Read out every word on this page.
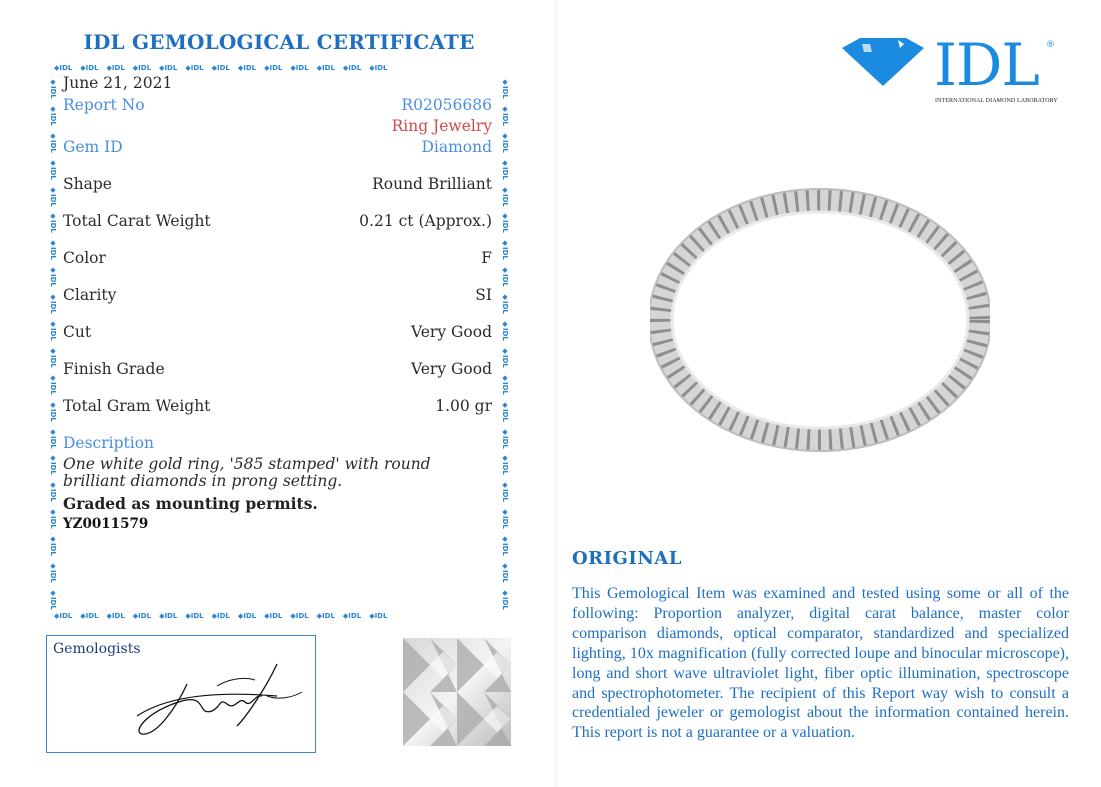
IDL GEMOLOGICAL CERTIFICATE
◆IDL ◆IDL ◆IDL ◆IDL ◆IDL ◆IDL ◆IDL ◆IDL ◆IDL ◆IDL ◆IDL ◆IDL ◆IDL
◆IDL ◆IDL ◆IDL ◆IDL ◆IDL ◆IDL ◆IDL ◆IDL ◆IDL ◆IDL ◆IDL ◆IDL ◆IDL
◆IDL
◆IDL
◆IDL
◆IDL
◆IDL
◆IDL
◆IDL
◆IDL
◆IDL
◆IDL
◆IDL
◆IDL
◆IDL
◆IDL
◆IDL
◆IDL
◆IDL
◆IDL
◆IDL
◆IDL
◆IDL
◆IDL
◆IDL
◆IDL
◆IDL
◆IDL
◆IDL
◆IDL
◆IDL
◆IDL
◆IDL
◆IDL
◆IDL
◆IDL
◆IDL
◆IDL
◆IDL
◆IDL
◆IDL
◆IDL
June 21, 2021
Report No	R02056686
Ring Jewelry
Gem ID	Diamond
Shape	Round Brilliant
Total Carat Weight	0.21 ct (Approx.)
Color	F
Clarity	SI
Cut	Very Good
Finish Grade	Very Good
Total Gram Weight	1.00 gr
Description
One white gold ring, '585 stamped' with round brilliant diamonds in prong setting.
Graded as mounting permits.
YZ0011579
Gemologists
IDL ®
INTERNATIONAL DIAMOND LABORATORY
ORIGINAL
This Gemological Item was examined and tested using some or all of the following: Proportion analyzer, digital carat balance, master color comparison diamonds, optical comparator, standardized and specialized lighting, 10x magnification (fully corrected loupe and binocular microscope), long and short wave ultraviolet light, fiber optic illumination, spectroscope and spectrophotometer. The recipient of this Report way wish to consult a credentialed jeweler or gemologist about the information contained herein. This report is not a guarantee or a valuation.
